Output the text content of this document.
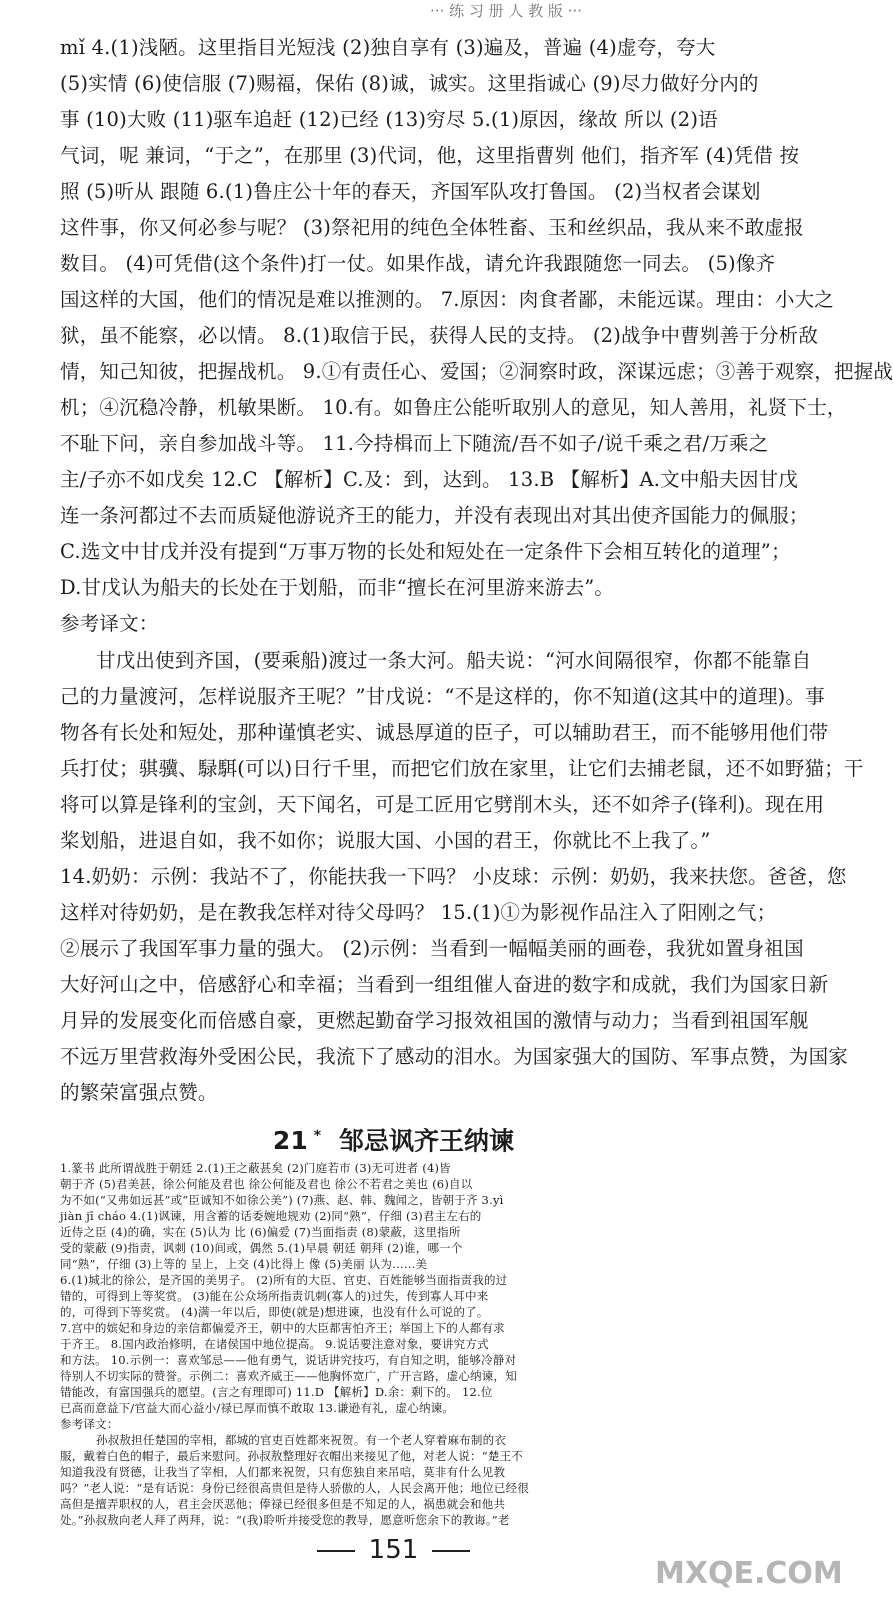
··· 练 习 册 人 教 版 ···
mǐ 4.(1)浅陋。这里指目光短浅 (2)独自享有 (3)遍及，普遍 (4)虚夸，夸大
(5)实情 (6)使信服 (7)赐福，保佑 (8)诚，诚实。这里指诚心 (9)尽力做好分内的
事 (10)大败 (11)驱车追赶 (12)已经 (13)穷尽 5.(1)原因，缘故 所以 (2)语
气词，呢 兼词，“于之”，在那里 (3)代词，他，这里指曹刿 他们，指齐军 (4)凭借 按
照 (5)听从 跟随 6.(1)鲁庄公十年的春天，齐国军队攻打鲁国。 (2)当权者会谋划
这件事，你又何必参与呢？ (3)祭祀用的纯色全体牲畜、玉和丝织品，我从来不敢虚报
数目。 (4)可凭借(这个条件)打一仗。如果作战，请允许我跟随您一同去。 (5)像齐
国这样的大国，他们的情况是难以推测的。 7.原因：肉食者鄙，未能远谋。理由：小大之
狱，虽不能察，必以情。 8.(1)取信于民，获得人民的支持。 (2)战争中曹刿善于分析敌
情，知己知彼，把握战机。 9.①有责任心、爱国；②洞察时政，深谋远虑；③善于观察，把握战
机；④沉稳冷静，机敏果断。 10.有。如鲁庄公能听取别人的意见，知人善用，礼贤下士，
不耻下问，亲自参加战斗等。 11.今持楫而上下随流/吾不如子/说千乘之君/万乘之
主/子亦不如戊矣 12.C 【解析】C.及：到，达到。 13.B 【解析】A.文中船夫因甘戊
连一条河都过不去而质疑他游说齐王的能力，并没有表现出对其出使齐国能力的佩服；
C.选文中甘戊并没有提到“万事万物的长处和短处在一定条件下会相互转化的道理”；
D.甘戊认为船夫的长处在于划船，而非“擅长在河里游来游去”。
参考译文：
甘戊出使到齐国，(要乘船)渡过一条大河。船夫说：“河水间隔很窄，你都不能靠自
己的力量渡河，怎样说服齐王呢？”甘戊说：“不是这样的，你不知道(这其中的道理)。事
物各有长处和短处，那种谨慎老实、诚恳厚道的臣子，可以辅助君王，而不能够用他们带
兵打仗；骐骥、騄駬(可以)日行千里，而把它们放在家里，让它们去捕老鼠，还不如野猫；干
将可以算是锋利的宝剑，天下闻名，可是工匠用它劈削木头，还不如斧子(锋利)。现在用
桨划船，进退自如，我不如你；说服大国、小国的君王，你就比不上我了。”
14.奶奶：示例：我站不了，你能扶我一下吗？ 小皮球：示例：奶奶，我来扶您。爸爸，您
这样对待奶奶，是在教我怎样对待父母吗？ 15.(1)①为影视作品注入了阳刚之气；
②展示了我国军事力量的强大。 (2)示例：当看到一幅幅美丽的画卷，我犹如置身祖国
大好河山之中，倍感舒心和幸福；当看到一组组催人奋进的数字和成就，我们为国家日新
月异的发展变化而倍感自豪，更燃起勤奋学习报效祖国的激情与动力；当看到祖国军舰
不远万里营救海外受困公民，我流下了感动的泪水。为国家强大的国防、军事点赞，为国家
的繁荣富强点赞。
21 * 邹忌讽齐王纳谏
1.篆书 此所谓战胜于朝廷 2.(1)王之蔽甚矣 (2)门庭若市 (3)无可进者 (4)皆
朝于齐 (5)君美甚，徐公何能及君也 徐公何能及君也 徐公不若君之美也 (6)自以
为不如(“又弗如远甚”或“臣诚知不如徐公美”) (7)燕、赵、韩、魏闻之，皆朝于齐 3.yì
jiàn jī cháo 4.(1)讽谏，用含蓄的话委婉地规劝 (2)同“熟”，仔细 (3)君主左右的
近侍之臣 (4)的确，实在 (5)认为 比 (6)偏爱 (7)当面指责 (8)蒙蔽，这里指所
受的蒙蔽 (9)指责，讽刺 (10)间或，偶然 5.(1)早晨 朝廷 朝拜 (2)谁，哪一个
同“熟”，仔细 (3)上等的 呈上，上交 (4)比得上 像 (5)美丽 认为……美
6.(1)城北的徐公，是齐国的美男子。 (2)所有的大臣、官吏、百姓能够当面指责我的过
错的，可得到上等奖赏。 (3)能在公众场所指责讥刺(寡人的)过失，传到寡人耳中来
的，可得到下等奖赏。 (4)满一年以后，即使(就是)想进谏，也没有什么可说的了。
151
MXQE.COM
7.宫中的嫔妃和身边的亲信都偏爱齐王，朝中的大臣都害怕齐王；举国上下的人都有求
于齐王。 8.国内政治修明，在诸侯国中地位提高。 9.说话要注意对象，要讲究方式
和方法。 10.示例一：喜欢邹忌——他有勇气，说话讲究技巧，有自知之明，能够冷静对
待别人不切实际的赞誉。示例二：喜欢齐威王——他胸怀宽广，广开言路，虚心纳谏，知
错能改，有富国强兵的愿望。(言之有理即可) 11.D 【解析】D.余：剩下的。 12.位
已高而意益下/官益大而心益小/禄已厚而慎不敢取 13.谦逊有礼，虚心纳谏。
参考译文：
孙叔敖担任楚国的宰相，都城的官吏百姓都来祝贺。有一个老人穿着麻布制的衣
服，戴着白色的帽子，最后来慰问。孙叔敖整理好衣帽出来接见了他，对老人说：“楚王不
知道我没有贤德，让我当了宰相，人们都来祝贺，只有您独自来吊唁，莫非有什么见教
吗？”老人说：“是有话说：身份已经很高贵但是待人骄傲的人，人民会离开他；地位已经很
高但是擅弄职权的人，君主会厌恶他；俸禄已经很多但是不知足的人，祸患就会和他共
处。”孙叔敖向老人拜了两拜，说：“(我)聆听并接受您的教导，愿意听您余下的教诲。”老
